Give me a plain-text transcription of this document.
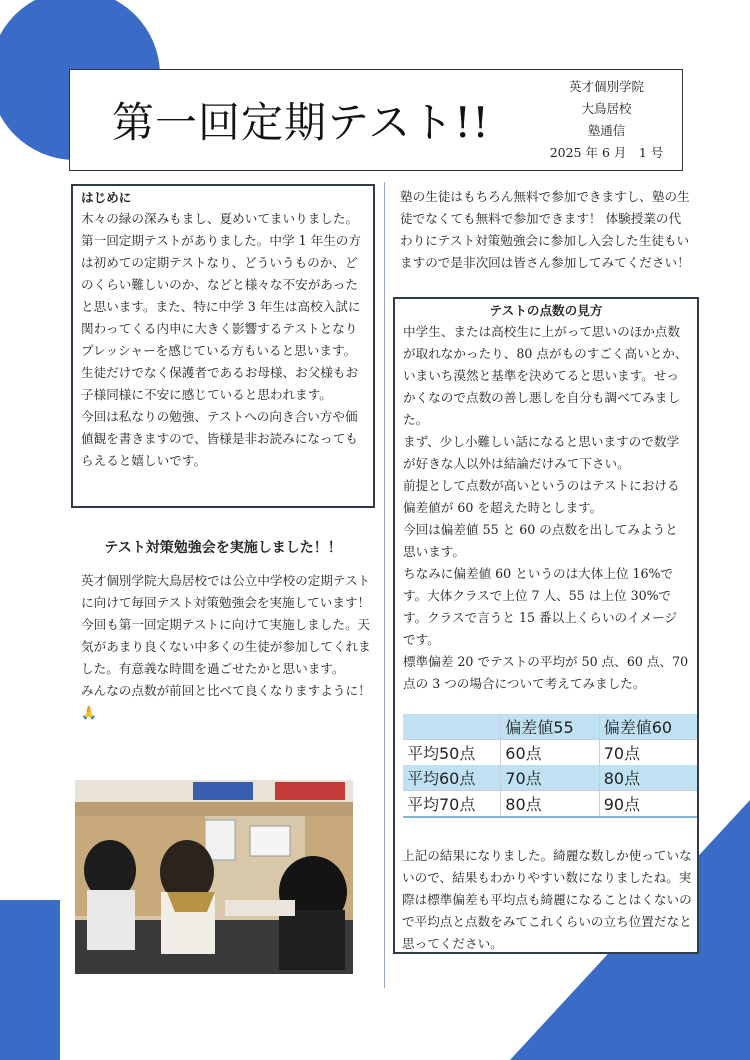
第一回定期テスト!!
英才個別学院
大鳥居校
塾通信
2025 年 6 月　1 号

はじめに

木々の緑の深みもまし、夏めいてまいりました。第一回定期テストがありました。中学 1 年生の方は初めての定期テストなり、どういうものか、どのくらい難しいのか、などと様々な不安があったと思います。また、特に中学 3 年生は高校入試に関わってくる内申に大きく影響するテストとなりプレッシャーを感じている方もいると思います。生徒だけでなく保護者であるお母様、お父様もお子様同様に不安に感じていると思われます。

今回は私なりの勉強、テストへの向き合い方や価値観を書きますので、皆様是非お読みになってもらえると嬉しいです。

テスト対策勉強会を実施しました！！

英才個別学院大鳥居校では公立中学校の定期テストに向けて毎回テスト対策勉強会を実施しています！

今回も第一回定期テストに向けて実施しました。天気があまり良くない中多くの生徒が参加してくれました。有意義な時間を過ごせたかと思います。

みんなの点数が前回と比べて良くなりますように！🙏

塾の生徒はもちろん無料で参加できますし、塾の生徒でなくても無料で参加できます！ 体験授業の代わりにテスト対策勉強会に参加し入会した生徒もいますので是非次回は皆さん参加してみてください！

テストの点数の見方

中学生、または高校生に上がって思いのほか点数が取れなかったり、80 点がものすごく高いとか、いまいち漠然と基準を決めてると思います。せっかくなので点数の善し悪しを自分も調べてみました。

まず、少し小難しい話になると思いますので数学が好きな人以外は結論だけみて下さい。

前提として点数が高いというのはテストにおける偏差値が 60 を超えた時とします。

今回は偏差値 55 と 60 の点数を出してみようと思います。

ちなみに偏差値 60 というのは大体上位 16%です。大体クラスで上位 7 人、55 は上位 30%です。クラスで言うと 15 番以上くらいのイメージです。

標準偏差 20 でテストの平均が 50 点、60 点、70 点の 3 つの場合について考えてみました。

	偏差値55	偏差値60
平均50点	60点	70点
平均60点	70点	80点
平均70点	80点	90点

上記の結果になりました。綺麗な数しか使っていないので、結果もわかりやすい数になりましたね。実際は標準偏差も平均点も綺麗になることはくないので平均点と点数をみてこれくらいの立ち位置だなと思ってください。
